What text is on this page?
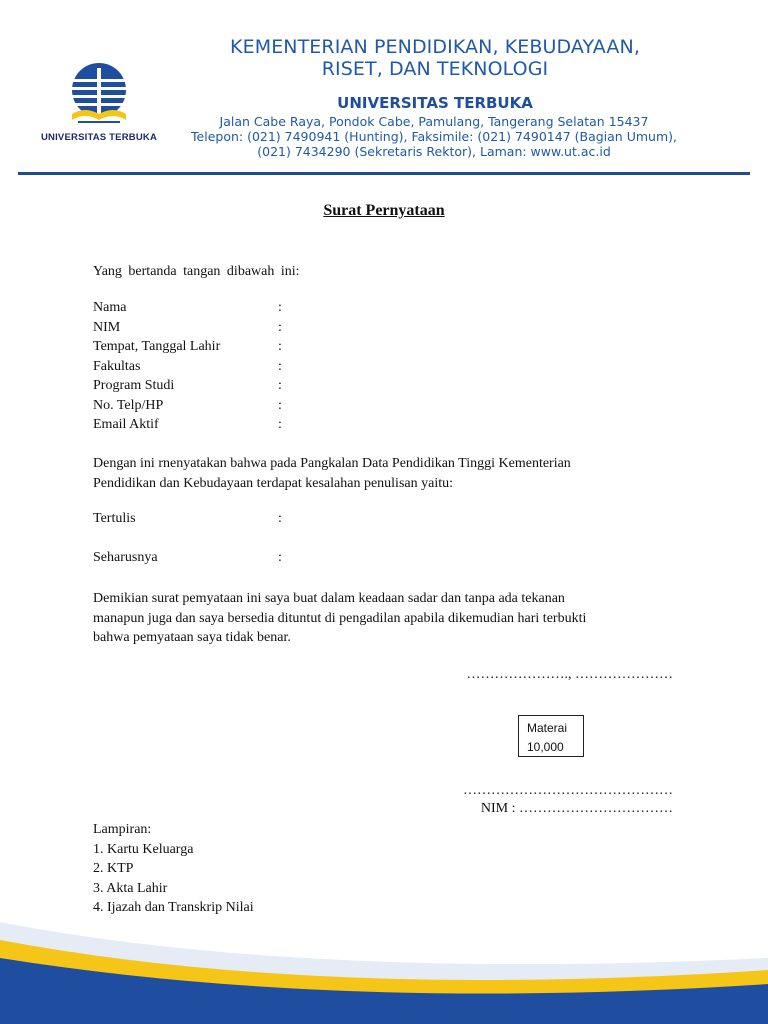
UNIVERSITAS TERBUKA
KEMENTERIAN PENDIDIKAN, KEBUDAYAAN,
RISET, DAN TEKNOLOGI
UNIVERSITAS TERBUKA
Jalan Cabe Raya, Pondok Cabe, Pamulang, Tangerang Selatan 15437
Telepon: (021) 7490941 (Hunting), Faksimile: (021) 7490147 (Bagian Umum),
(021) 7434290 (Sekretaris Rektor), Laman: www.ut.ac.id
Surat Pernyataan
Yang bertanda tangan dibawah ini:
Nama	:
NIM	:
Tempat, Tanggal Lahir	:
Fakultas	:
Program Studi	:
No. Telp/HP	:
Email Aktif	:
Dengan ini rnenyatakan bahwa pada Pangkalan Data Pendidikan Tinggi Kementerian
Pendidikan dan Kebudayaan terdapat kesalahan penulisan yaitu:
Tertulis	:
Seharusnya	:
Demikian surat pemyataan ini saya buat dalam keadaan sadar dan tanpa ada tekanan
manapun juga dan saya bersedia dituntut di pengadilan apabila dikemudian hari terbukti
bahwa pemyataan saya tidak benar.
…………………., …………………
Materai
10,000
………………………………………
NIM : ……………………………
Lampiran:
1. Kartu Keluarga
2. KTP
3. Akta Lahir
4. Ijazah dan Transkrip Nilai
